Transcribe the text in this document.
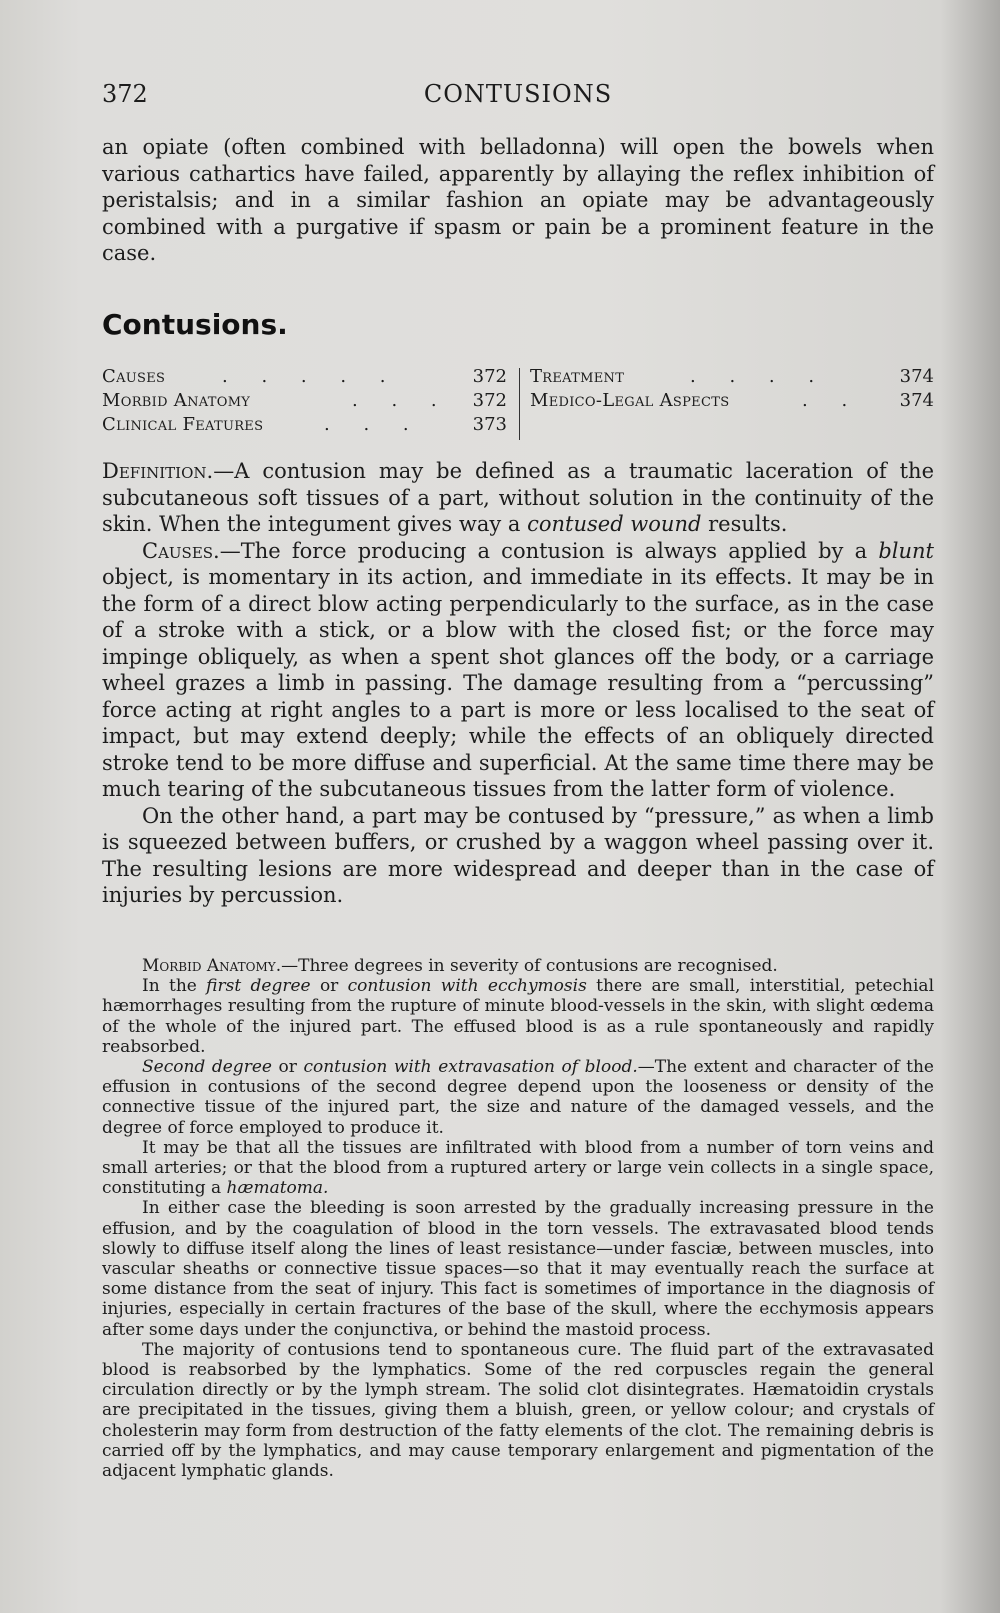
372	CONTUSIONS

an opiate (often combined with belladonna) will open the bowels when various cathartics have failed, apparently by allaying the reflex inhibition of peristalsis; and in a similar fashion an opiate may be advantageously combined with a purgative if spasm or pain be a prominent feature in the case.

Contusions.
Causes	. . . . .	372
Morbid Anatomy	. . . 372
Clinical Features	. . .	373
Treatment	. . . .	374
Medico-Legal Aspects	. . 374

Definition.—A contusion may be defined as a traumatic laceration of the subcutaneous soft tissues of a part, without solution in the continuity of the skin. When the integument gives way a contused wound results.

Causes.—The force producing a contusion is always applied by a blunt object, is momentary in its action, and immediate in its effects. It may be in the form of a direct blow acting perpendicularly to the surface, as in the case of a stroke with a stick, or a blow with the closed fist; or the force may impinge obliquely, as when a spent shot glances off the body, or a carriage wheel grazes a limb in passing. The damage resulting from a “percussing” force acting at right angles to a part is more or less localised to the seat of impact, but may extend deeply; while the effects of an obliquely directed stroke tend to be more diffuse and superficial. At the same time there may be much tearing of the subcutaneous tissues from the latter form of violence.

On the other hand, a part may be contused by “pressure,” as when a limb is squeezed between buffers, or crushed by a waggon wheel passing over it. The resulting lesions are more widespread and deeper than in the case of injuries by percussion.

Morbid Anatomy.—Three degrees in severity of contusions are recognised.

In the first degree or contusion with ecchymosis there are small, interstitial, petechial hæmorrhages resulting from the rupture of minute blood-vessels in the skin, with slight œdema of the whole of the injured part. The effused blood is as a rule spontaneously and rapidly reabsorbed.

Second degree or contusion with extravasation of blood.—The extent and character of the effusion in contusions of the second degree depend upon the looseness or density of the connective tissue of the injured part, the size and nature of the damaged vessels, and the degree of force employed to produce it.

It may be that all the tissues are infiltrated with blood from a number of torn veins and small arteries; or that the blood from a ruptured artery or large vein collects in a single space, constituting a hæmatoma.

In either case the bleeding is soon arrested by the gradually increasing pressure in the effusion, and by the coagulation of blood in the torn vessels. The extravasated blood tends slowly to diffuse itself along the lines of least resistance—under fasciæ, between muscles, into vascular sheaths or connective tissue spaces—so that it may eventually reach the surface at some distance from the seat of injury. This fact is sometimes of importance in the diagnosis of injuries, especially in certain fractures of the base of the skull, where the ecchymosis appears after some days under the conjunctiva, or behind the mastoid process.

The majority of contusions tend to spontaneous cure. The fluid part of the extravasated blood is reabsorbed by the lymphatics. Some of the red corpuscles regain the general circulation directly or by the lymph stream. The solid clot disintegrates. Hæmatoidin crystals are precipitated in the tissues, giving them a bluish, green, or yellow colour; and crystals of cholesterin may form from destruction of the fatty elements of the clot. The remaining debris is carried off by the lymphatics, and may cause temporary enlargement and pigmentation of the adjacent lymphatic glands.
